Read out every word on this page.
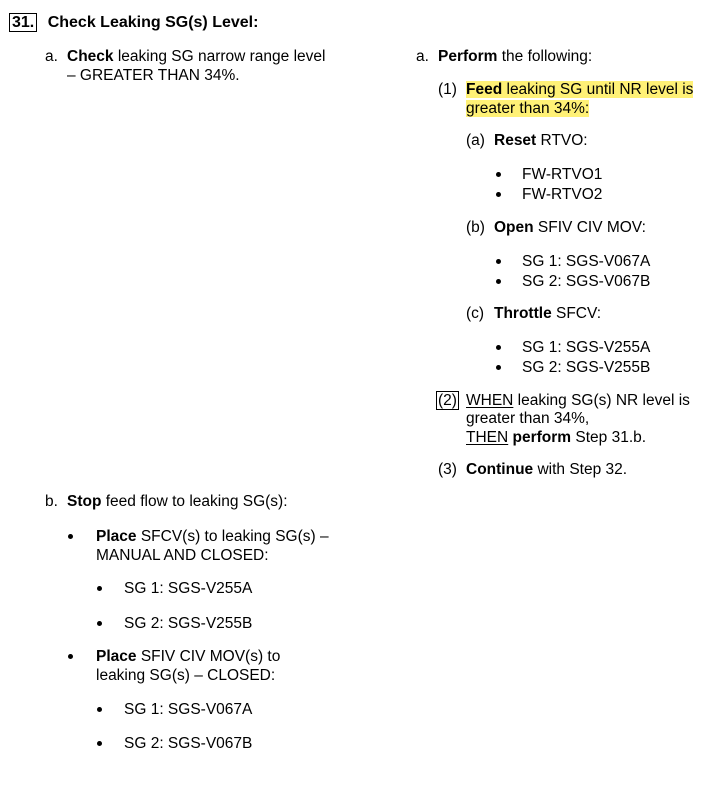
31. Check Leaking SG(s) Level:
a. Check leaking SG narrow range level
– GREATER THAN 34%.
b. Stop feed flow to leaking SG(s):
Place SFCV(s) to leaking SG(s) –
MANUAL AND CLOSED:
SG 1: SGS-V255A
SG 2: SGS-V255B
Place SFIV CIV MOV(s) to
leaking SG(s) – CLOSED:
SG 1: SGS-V067A
SG 2: SGS-V067B
a. Perform the following:
(1) Feed leaking SG until NR level is
greater than 34%:
(a) Reset RTVO:
FW-RTVO1
FW-RTVO2
(b) Open SFIV CIV MOV:
SG 1: SGS-V067A
SG 2: SGS-V067B
(c) Throttle SFCV:
SG 1: SGS-V255A
SG 2: SGS-V255B
(2) WHEN leaking SG(s) NR level is
greater than 34%,
THEN perform Step 31.b.
(3) Continue with Step 32.
